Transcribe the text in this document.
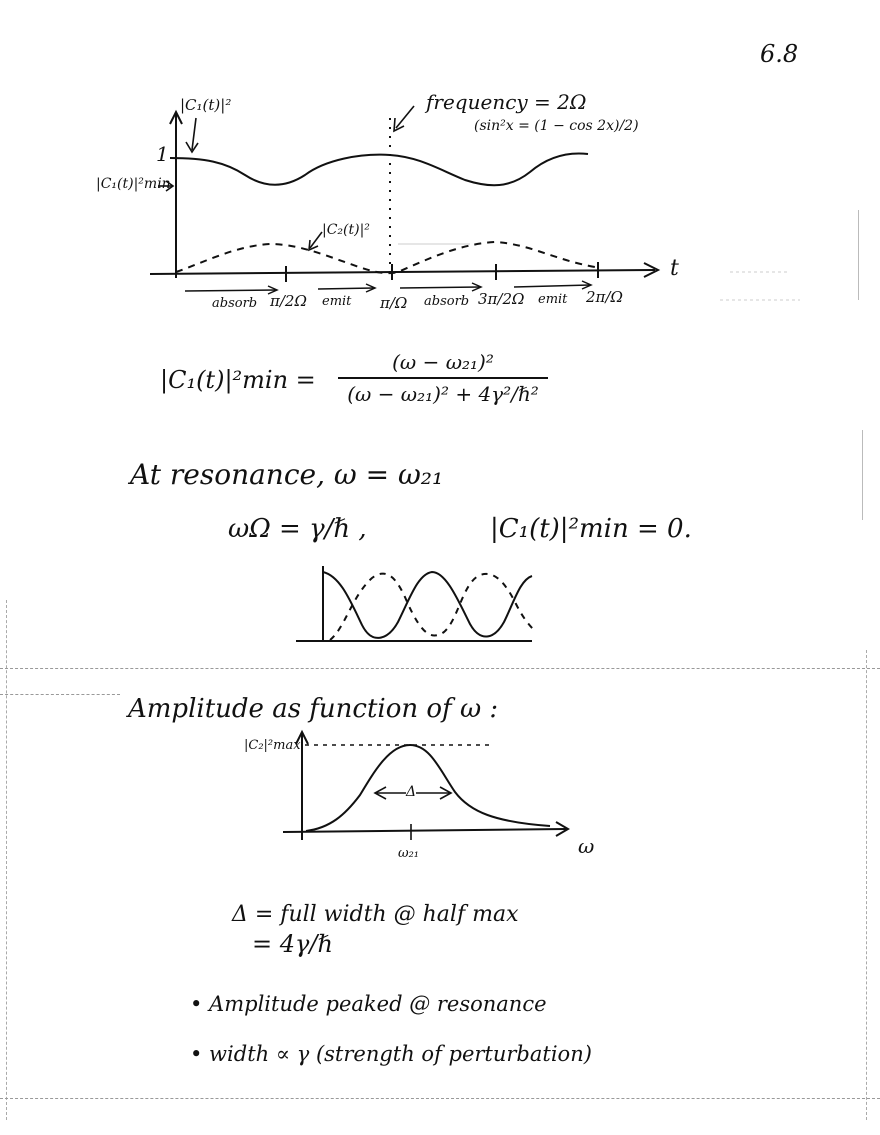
6.8
|C₁(t)|²
1
|C₁(t)|²min
|C₂(t)|²
frequency = 2Ω
(sin²x = (1 − cos 2x)/2)
t
π/2Ω	π/Ω	3π/2Ω	2π/Ω
absorb	emit	absorb	emit
|C₁(t)|²min =
(ω − ω₂₁)²
(ω − ω₂₁)² + 4γ²/ℏ²
At resonance, ω = ω₂₁
ωΩ = γ/ℏ ,	|C₁(t)|²min = 0.
Amplitude as function of ω :
|C₂|²max
Δ
ω
ω₂₁
Δ = full width @ half max
= 4γ/ℏ
• Amplitude peaked @ resonance
• width ∝ γ (strength of perturbation)
